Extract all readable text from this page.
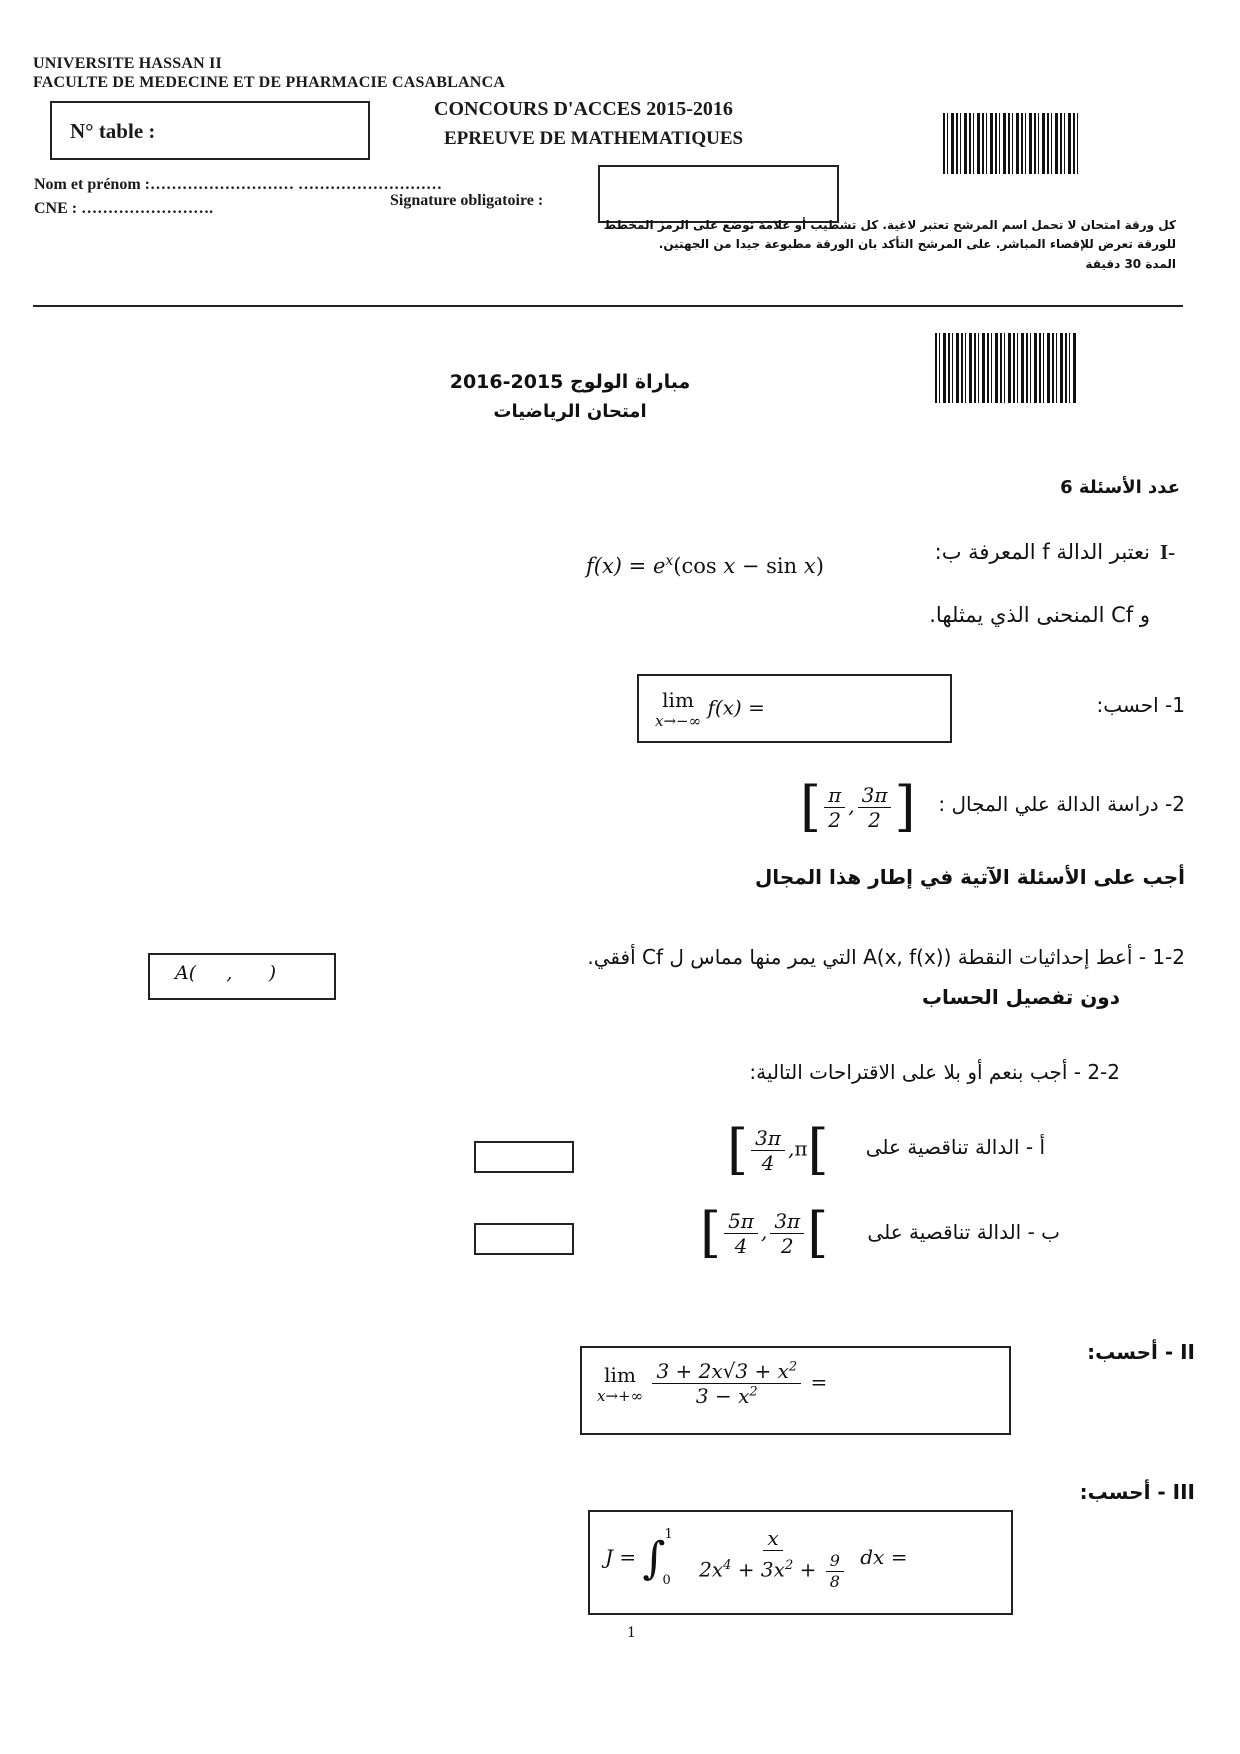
UNIVERSITE HASSAN II
FACULTE DE MEDECINE ET DE PHARMACIE CASABLANCA
N° table :
CONCOURS D'ACCES 2015-2016
EPREUVE DE MATHEMATIQUES
Nom et prénom :……………………… ………………………
CNE : …………………….	Signature obligatoire :
كل ورقة امتحان لا تحمل اسم المرشح تعتبر لاغية. كل تشطيب أو علامة توضع على الرمز المخطط
للورقة تعرض للإقصاء المباشر. على المرشح التأكد بان الورقة مطبوعة جيدا من الجهتين.
المدة 30 دقيقة
مباراة الولوج 2015-2016
امتحان الرياضيات
عدد الأسئلة 6
I-
نعتبر الدالة f المعرفة ب:
$f(x) = e^x(\cos$ x − sin x)
و Cf المنحنى الذي يمثلها.
1- احسب:
lim
x→−∞
f(x) =
2- دراسة الدالة علي المجال :
[ $\frac{\pi}{2}$ , $\frac{3\pi}{2}$ ]
أجب على الأسئلة الآتية في إطار هذا المجال
1-2 - أعط إحداثيات النقطة A(x, f(x)) التي يمر منها مماس ل Cf أفقي.
دون تفصيل الحساب
A(     ,      )
2-2 - أجب بنعم أو بلا على الاقتراحات التالية:
أ - الدالة تناقصية على
[ $\frac{3\pi}{4} ,\pi$[
ب - الدالة تناقصية على
[ $\frac{5\pi}{4}$ , $\frac{3\pi}{2}$ [
II - أحسب:
lim
x→+∞
$\frac{3 + 2x√3 + x^2}{3 - x^2}$ =
III - أحسب:
J = ∫ 1
0
$\frac{x}{2x^4 + 3x^2 + \frac{9}{8}}$ dx =
1
